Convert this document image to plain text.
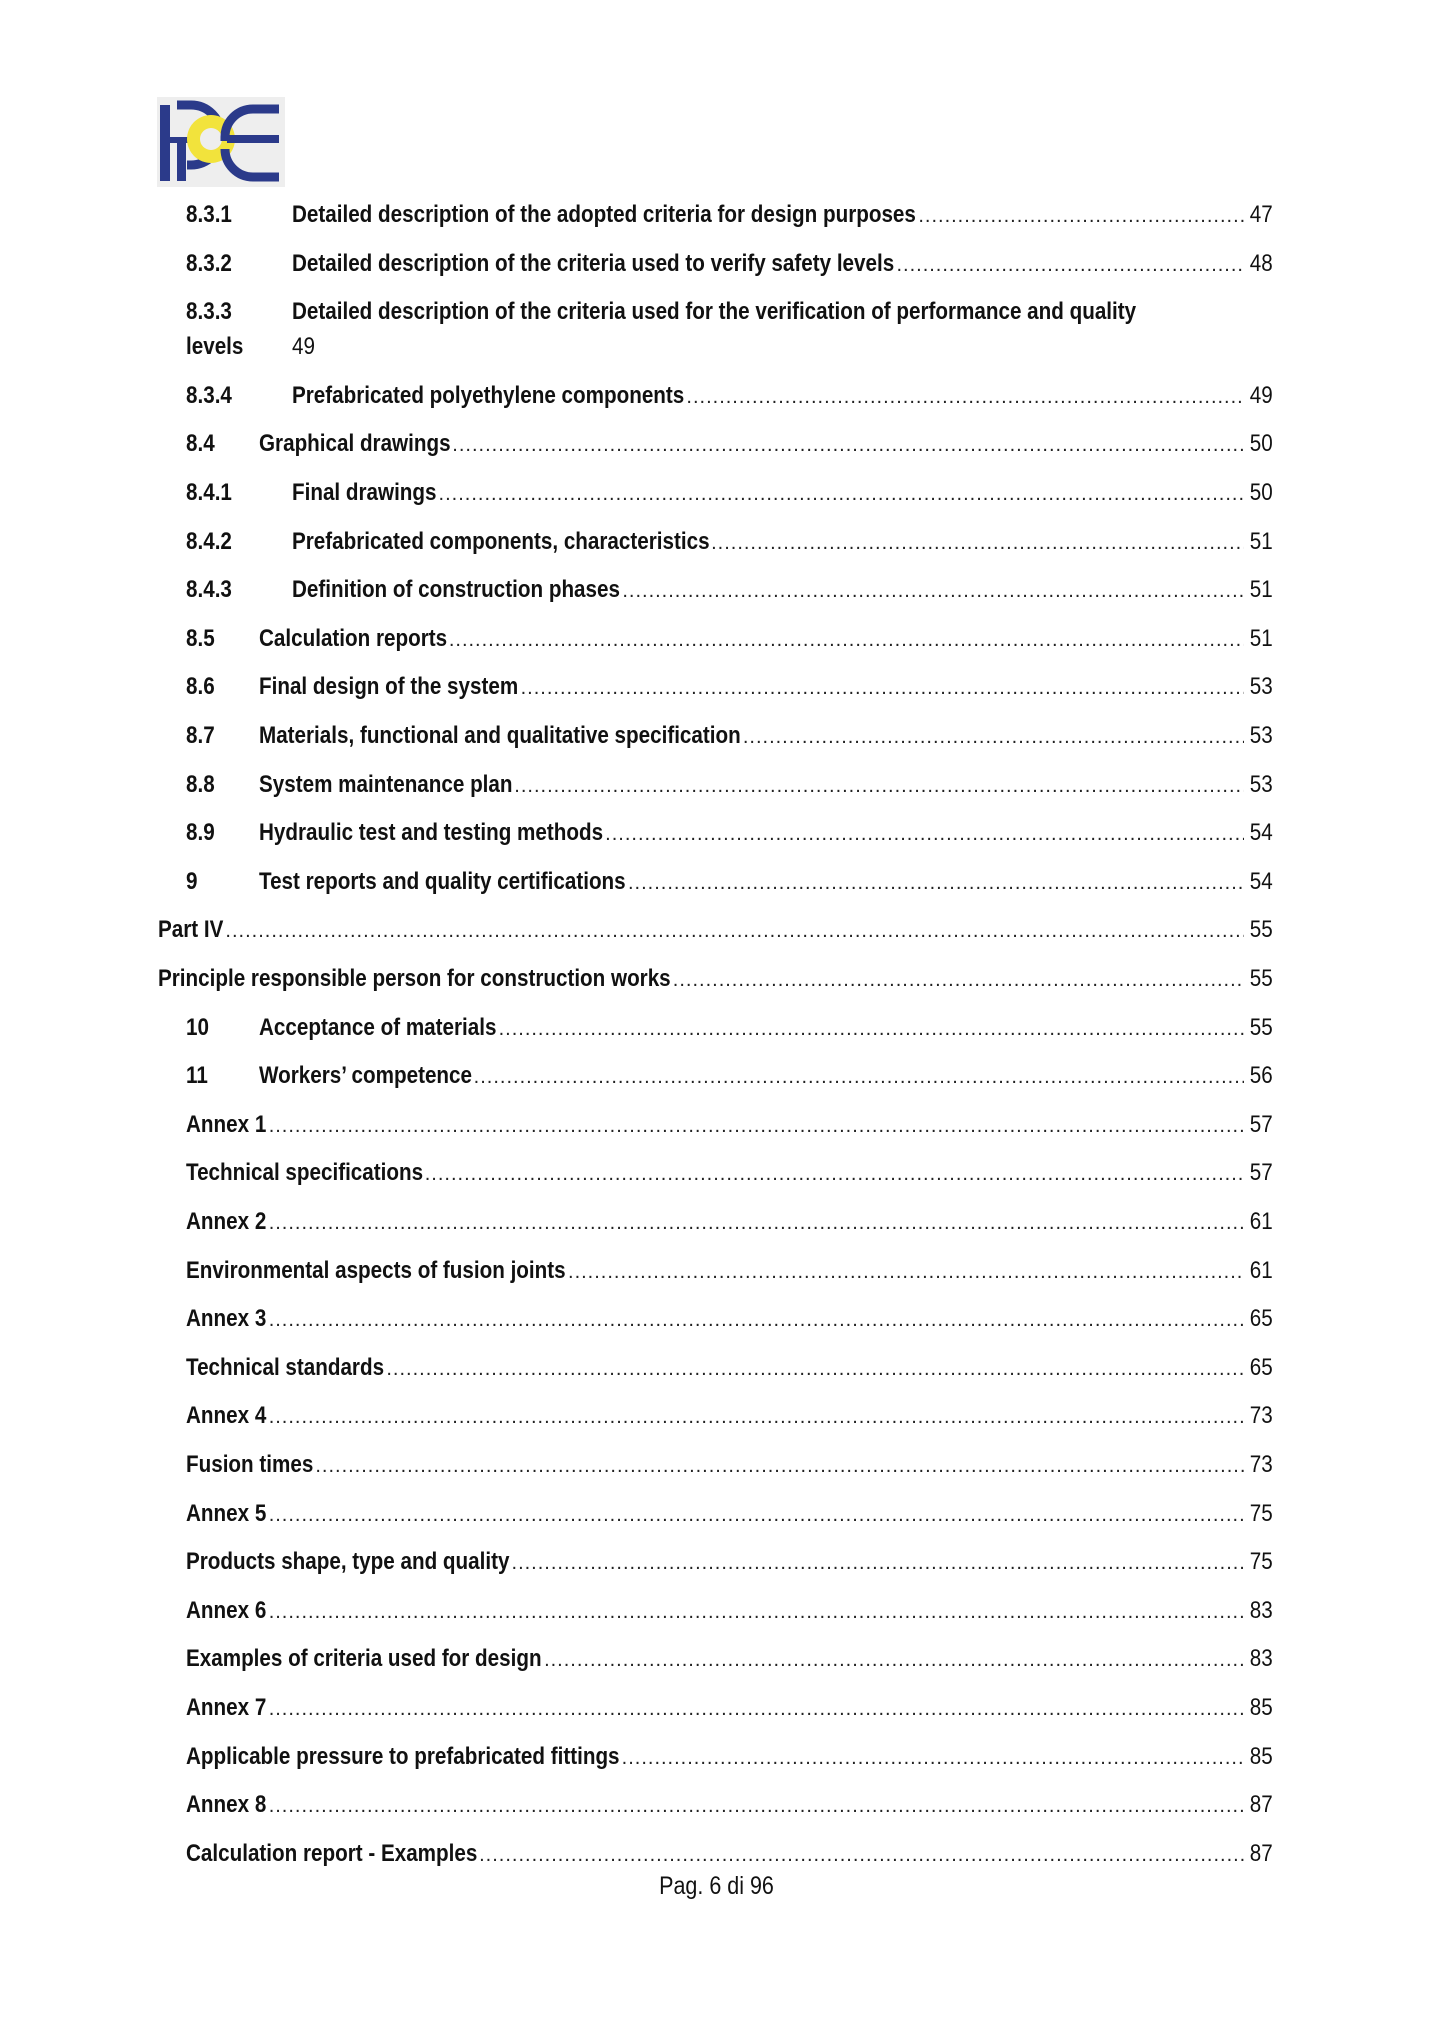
8.3.1	Detailed description of the adopted criteria for design purposes .....	47
8.3.2	Detailed description of the criteria used to verify safety levels .....	48
8.3.3	Detailed description of the criteria used for the verification of performance and quality
levels 49
8.3.4	Prefabricated polyethylene components .....	49
8.4 Graphical drawings .....	50
8.4.1	Final drawings .....	50
8.4.2	Prefabricated components, characteristics .....	51
8.4.3	Definition of construction phases .....	51
8.5 Calculation reports .....	51
8.6 Final design of the system .....	53
8.7 Materials, functional and qualitative specification .....	53
8.8 System maintenance plan .....	53
8.9 Hydraulic test and testing methods .....	54
9	Test reports and quality certifications .....	54
Part IV .....	55
Principle responsible person for construction works .....	55
10 Acceptance of materials .....	55
11 Workers’ competence .....	56
Annex 1 .....	57
Technical specifications .....	57
Annex 2 .....	61
Environmental aspects of fusion joints .....	61
Annex 3 .....	65
Technical standards .....	65
Annex 4 .....	73
Fusion times .....	73
Annex 5 .....	75
Products shape, type and quality .....	75
Annex 6 .....	83
Examples of criteria used for design .....	83
Annex 7 .....	85
Applicable pressure to prefabricated fittings .....	85
Annex 8 .....	87
Calculation report - Examples .....	87
Pag. 6 di 96
